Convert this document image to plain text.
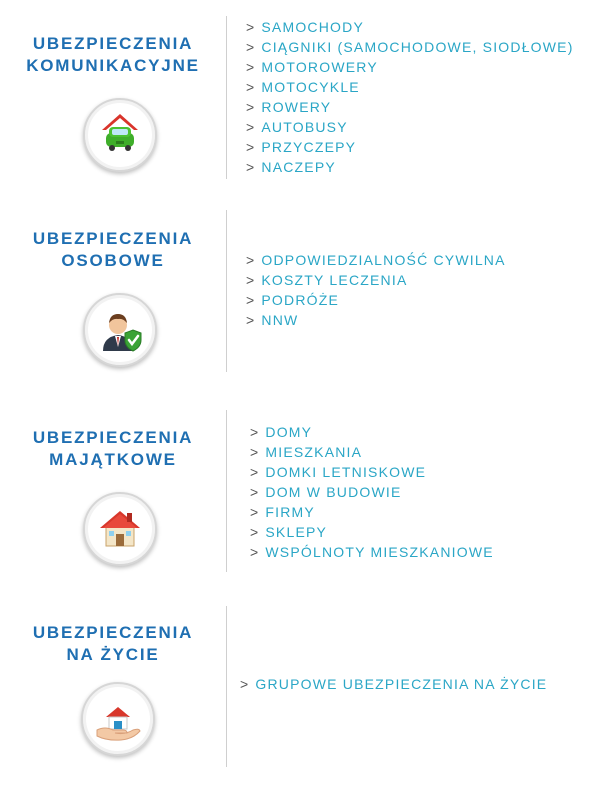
UBEZPIECZENIA
KOMUNIKACYJNE
> SAMOCHODY
> CIĄGNIKI (SAMOCHODOWE, SIODŁOWE)
> MOTOROWERY
> MOTOCYKLE
> ROWERY
> AUTOBUSY
> PRZYCZEPY
> NACZEPY
UBEZPIECZENIA
OSOBOWE	> ODPOWIEDZIALNOŚĆ CYWILNA
> KOSZTY LECZENIA
> PODRÓŻE
> NNW
UBEZPIECZENIA
MAJĄTKOWE
> DOMY
> MIESZKANIA
> DOMKI LETNISKOWE
> DOM W BUDOWIE
> FIRMY
> SKLEPY
> WSPÓLNOTY MIESZKANIOWE
UBEZPIECZENIA
NA ŻYCIE
> GRUPOWE UBEZPIECZENIA NA ŻYCIE
